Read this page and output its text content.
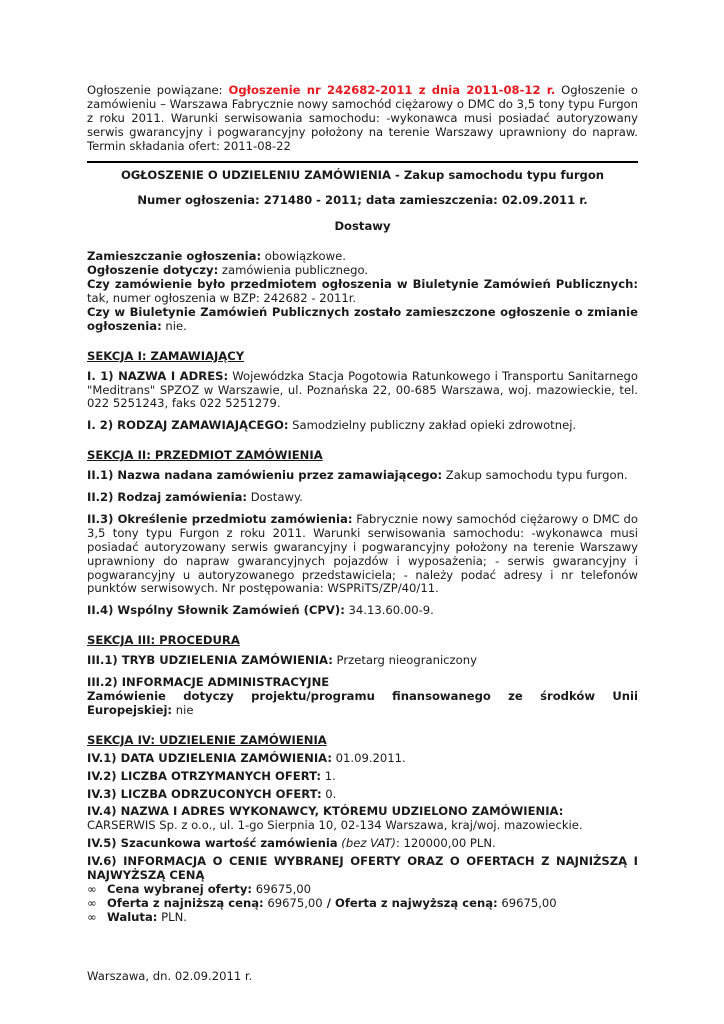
Ogłoszenie powiązane: Ogłoszenie nr 242682-2011 z dnia 2011-08-12 r. Ogłoszenie o zamówieniu – Warszawa Fabrycznie nowy samochód ciężarowy o DMC do 3,5 tony typu Furgon z roku 2011. Warunki serwisowania samochodu: -wykonawca musi posiadać autoryzowany serwis gwarancyjny i pogwarancyjny położony na terenie Warszawy uprawniony do napraw. Termin składania ofert: 2011-08-22

OGŁOSZENIE O UDZIELENIU ZAMÓWIENIA - Zakup samochodu typu furgon

Numer ogłoszenia: 271480 - 2011; data zamieszczenia: 02.09.2011 r.

Dostawy

Zamieszczanie ogłoszenia: obowiązkowe.

Ogłoszenie dotyczy: zamówienia publicznego.

Czy zamówienie było przedmiotem ogłoszenia w Biuletynie Zamówień Publicznych: tak, numer ogłoszenia w BZP: 242682 - 2011r.

Czy w Biuletynie Zamówień Publicznych zostało zamieszczone ogłoszenie o zmianie ogłoszenia: nie.

SEKCJA I: ZAMAWIAJĄCY

I. 1) NAZWA I ADRES: Wojewódzka Stacja Pogotowia Ratunkowego i Transportu Sanitarnego "Meditrans" SPZOZ w Warszawie, ul. Poznańska 22, 00-685 Warszawa, woj. mazowieckie, tel. 022 5251243, faks 022 5251279.

I. 2) RODZAJ ZAMAWIAJĄCEGO: Samodzielny publiczny zakład opieki zdrowotnej.

SEKCJA II: PRZEDMIOT ZAMÓWIENIA

II.1) Nazwa nadana zamówieniu przez zamawiającego: Zakup samochodu typu furgon.

II.2) Rodzaj zamówienia: Dostawy.

II.3) Określenie przedmiotu zamówienia: Fabrycznie nowy samochód ciężarowy o DMC do 3,5 tony typu Furgon z roku 2011. Warunki serwisowania samochodu: -wykonawca musi posiadać autoryzowany serwis gwarancyjny i pogwarancyjny położony na terenie Warszawy uprawniony do napraw gwarancyjnych pojazdów i wyposażenia; - serwis gwarancyjny i pogwarancyjny u autoryzowanego przedstawiciela; - należy podać adresy i nr telefonów punktów serwisowych. Nr postępowania: WSPRiTS/ZP/40/11.

II.4) Wspólny Słownik Zamówień (CPV): 34.13.60.00-9.

SEKCJA III: PROCEDURA

III.1) TRYB UDZIELENIA ZAMÓWIENIA: Przetarg nieograniczony

III.2) INFORMACJE ADMINISTRACYJNE

Zamówienie dotyczy projektu/programu finansowanego ze środków Unii Europejskiej: nie

SEKCJA IV: UDZIELENIE ZAMÓWIENIA

IV.1) DATA UDZIELENIA ZAMÓWIENIA: 01.09.2011.

IV.2) LICZBA OTRZYMANYCH OFERT: 1.

IV.3) LICZBA ODRZUCONYCH OFERT: 0.

IV.4) NAZWA I ADRES WYKONAWCY, KTÓREMU UDZIELONO ZAMÓWIENIA:

CARSERWIS Sp. z o.o., ul. 1-go Sierpnia 10, 02-134 Warszawa, kraj/woj. mazowieckie.

IV.5) Szacunkowa wartość zamówienia (bez VAT): 120000,00 PLN.

IV.6) INFORMACJA O CENIE WYBRANEJ OFERTY ORAZ O OFERTACH Z NAJNIŻSZĄ I NAJWYŻSZĄ CENĄ

∞ Cena wybranej oferty: 69675,00
∞ Oferta z najniższą ceną: 69675,00 / Oferta z najwyższą ceną: 69675,00
∞ Waluta: PLN.

Warszawa, dn. 02.09.2011 r.
